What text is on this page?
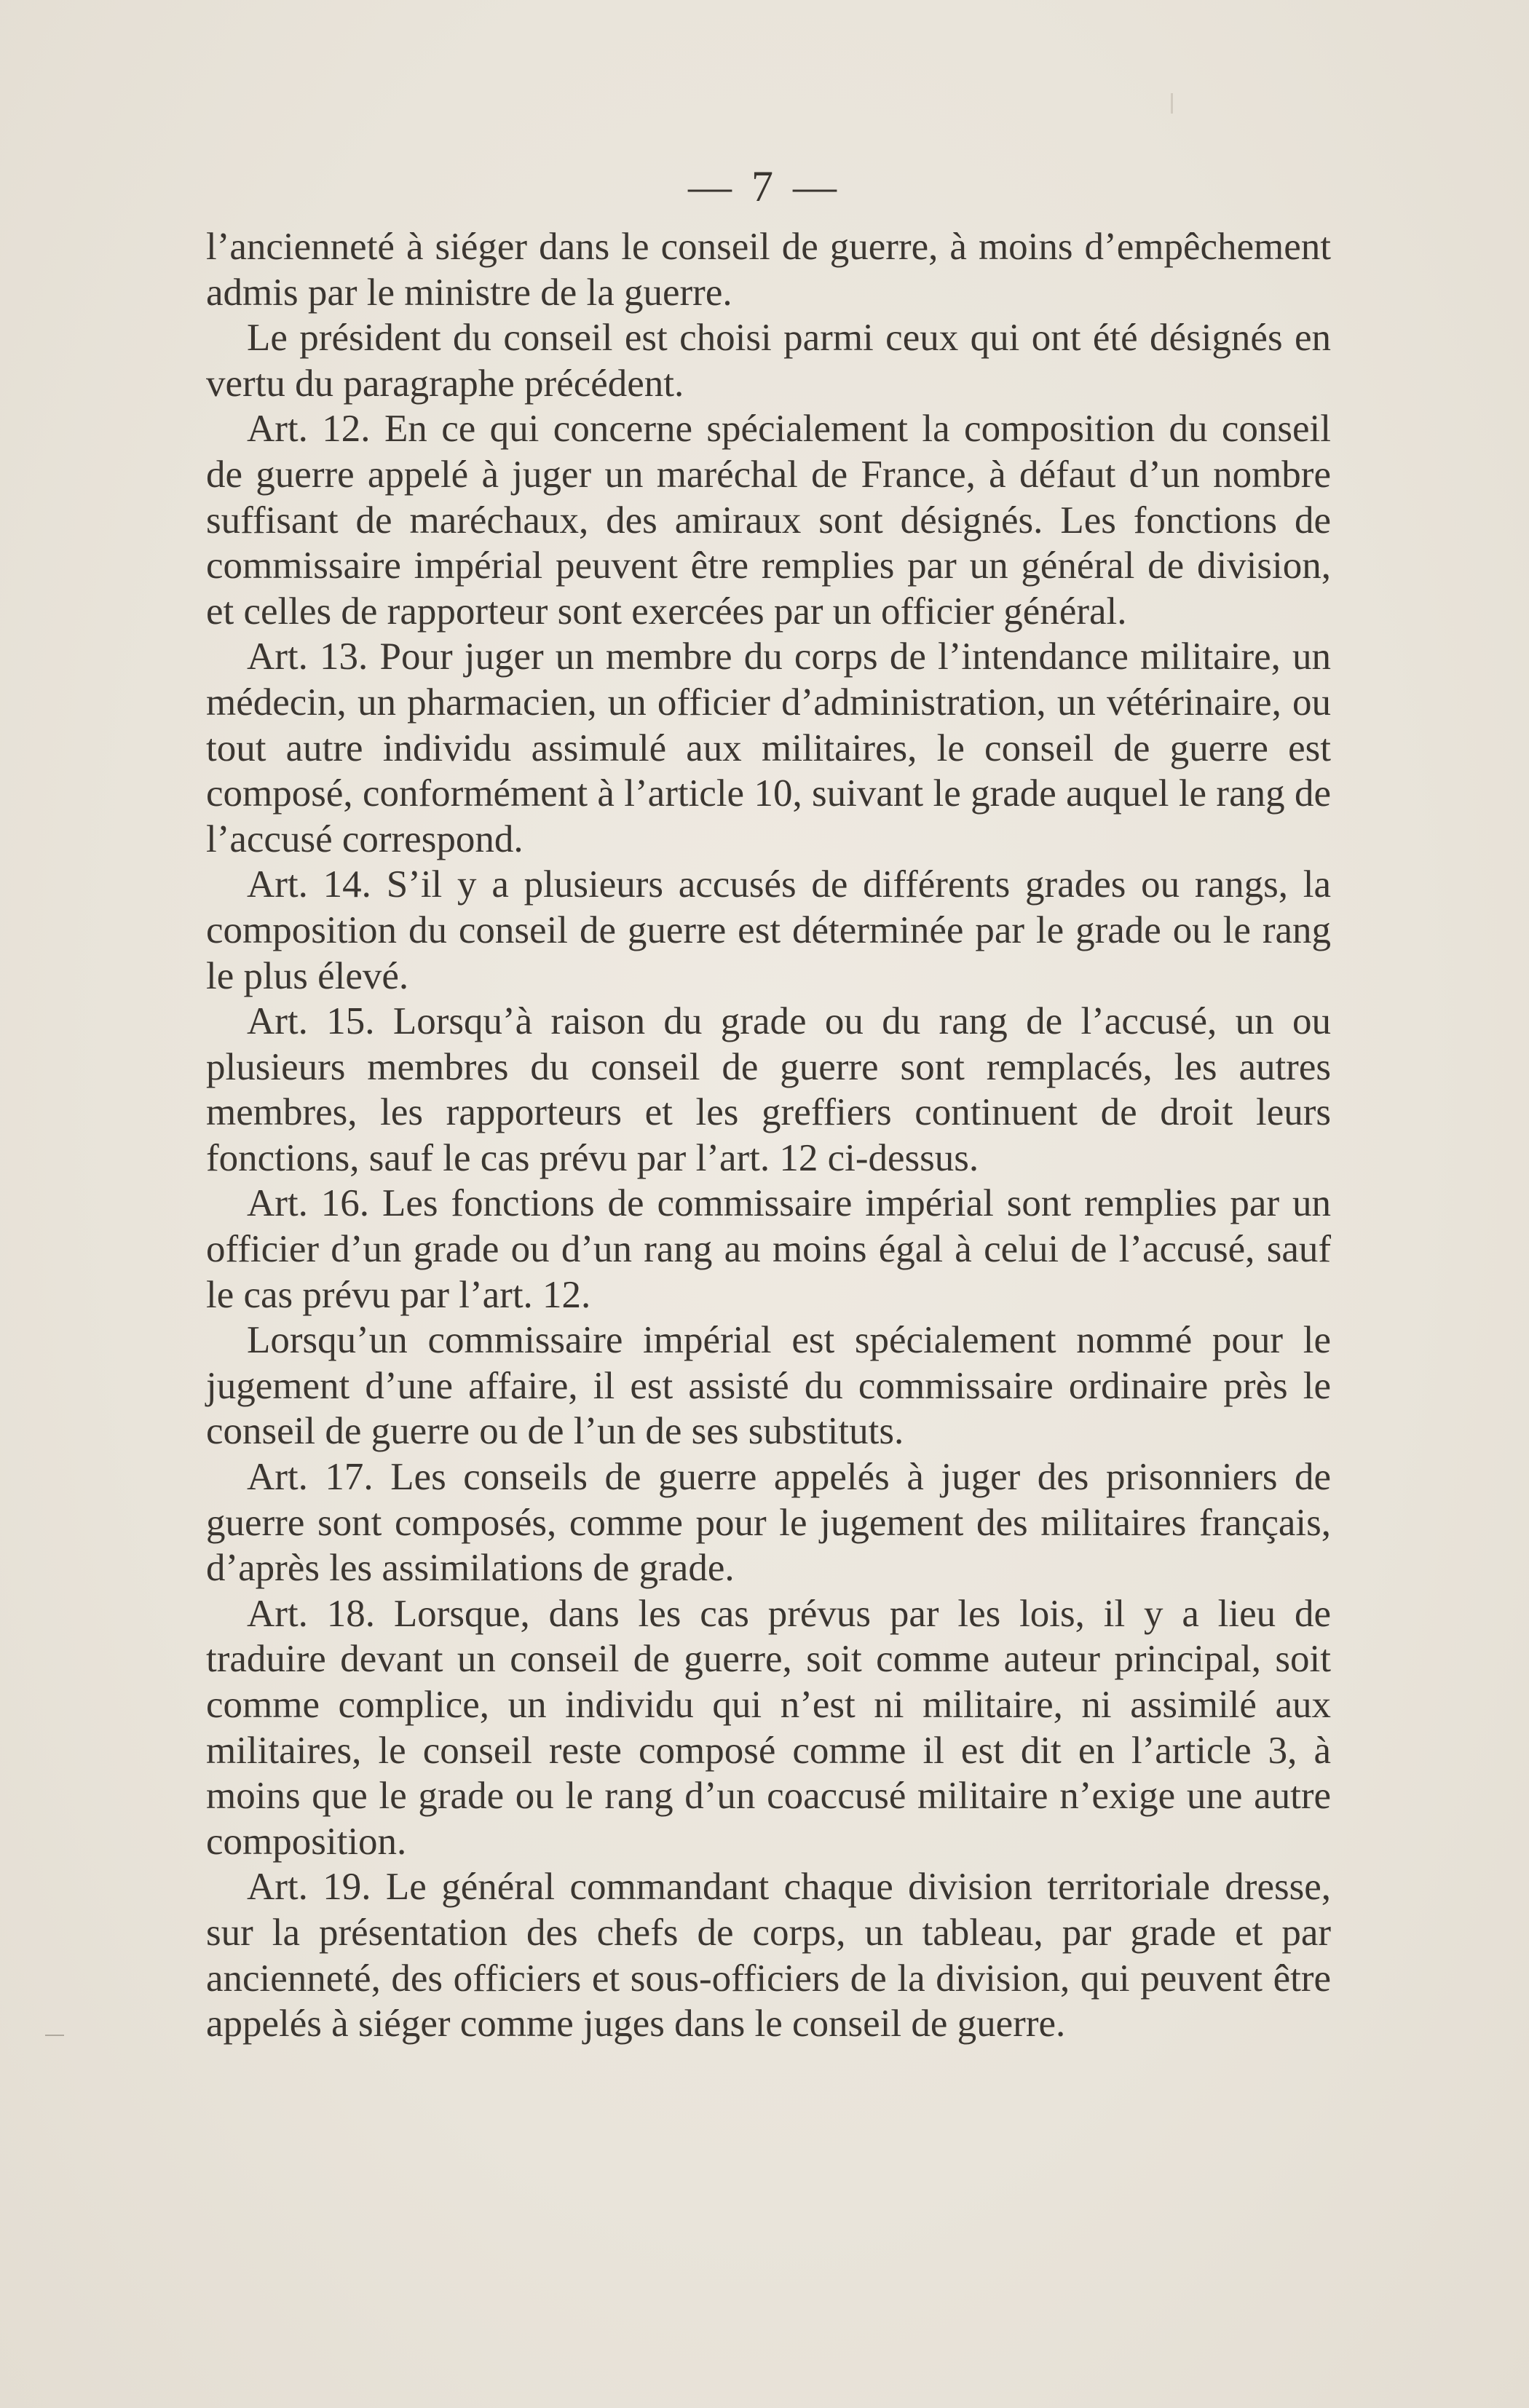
— 7 —

l’ancienneté à siéger dans le conseil de guerre, à moins d’empêchement admis par le ministre de la guerre.

Le président du conseil est choisi parmi ceux qui ont été désignés en vertu du paragraphe précédent.

Art. 12. En ce qui concerne spécialement la composition du conseil de guerre appelé à juger un maréchal de France, à défaut d’un nombre suffisant de maréchaux, des amiraux sont désignés. Les fonctions de commissaire impérial peuvent être remplies par un général de division, et celles de rapporteur sont exercées par un officier général.

Art. 13. Pour juger un membre du corps de l’intendance militaire, un médecin, un pharmacien, un officier d’administration, un vétérinaire, ou tout autre individu assimulé aux militaires, le conseil de guerre est composé, conformément à l’article 10, suivant le grade auquel le rang de l’accusé correspond.

Art. 14. S’il y a plusieurs accusés de différents grades ou rangs, la composition du conseil de guerre est déterminée par le grade ou le rang le plus élevé.

Art. 15. Lorsqu’à raison du grade ou du rang de l’accusé, un ou plusieurs membres du conseil de guerre sont remplacés, les autres membres, les rapporteurs et les greffiers continuent de droit leurs fonctions, sauf le cas prévu par l’art. 12 ci-dessus.

Art. 16. Les fonctions de commissaire impérial sont remplies par un officier d’un grade ou d’un rang au moins égal à celui de l’accusé, sauf le cas prévu par l’art. 12.

Lorsqu’un commissaire impérial est spécialement nommé pour le jugement d’une affaire, il est assisté du commissaire ordinaire près le conseil de guerre ou de l’un de ses substituts.

Art. 17. Les conseils de guerre appelés à juger des prisonniers de guerre sont composés, comme pour le jugement des militaires français, d’après les assimilations de grade.

Art. 18. Lorsque, dans les cas prévus par les lois, il y a lieu de traduire devant un conseil de guerre, soit comme auteur principal, soit comme complice, un individu qui n’est ni militaire, ni assimilé aux militaires, le conseil reste composé comme il est dit en l’article 3, à moins que le grade ou le rang d’un coaccusé militaire n’exige une autre composition.

Art. 19. Le général commandant chaque division territoriale dresse, sur la présentation des chefs de corps, un tableau, par grade et par ancienneté, des officiers et sous-officiers de la division, qui peuvent être appelés à siéger comme juges dans le conseil de guerre.
